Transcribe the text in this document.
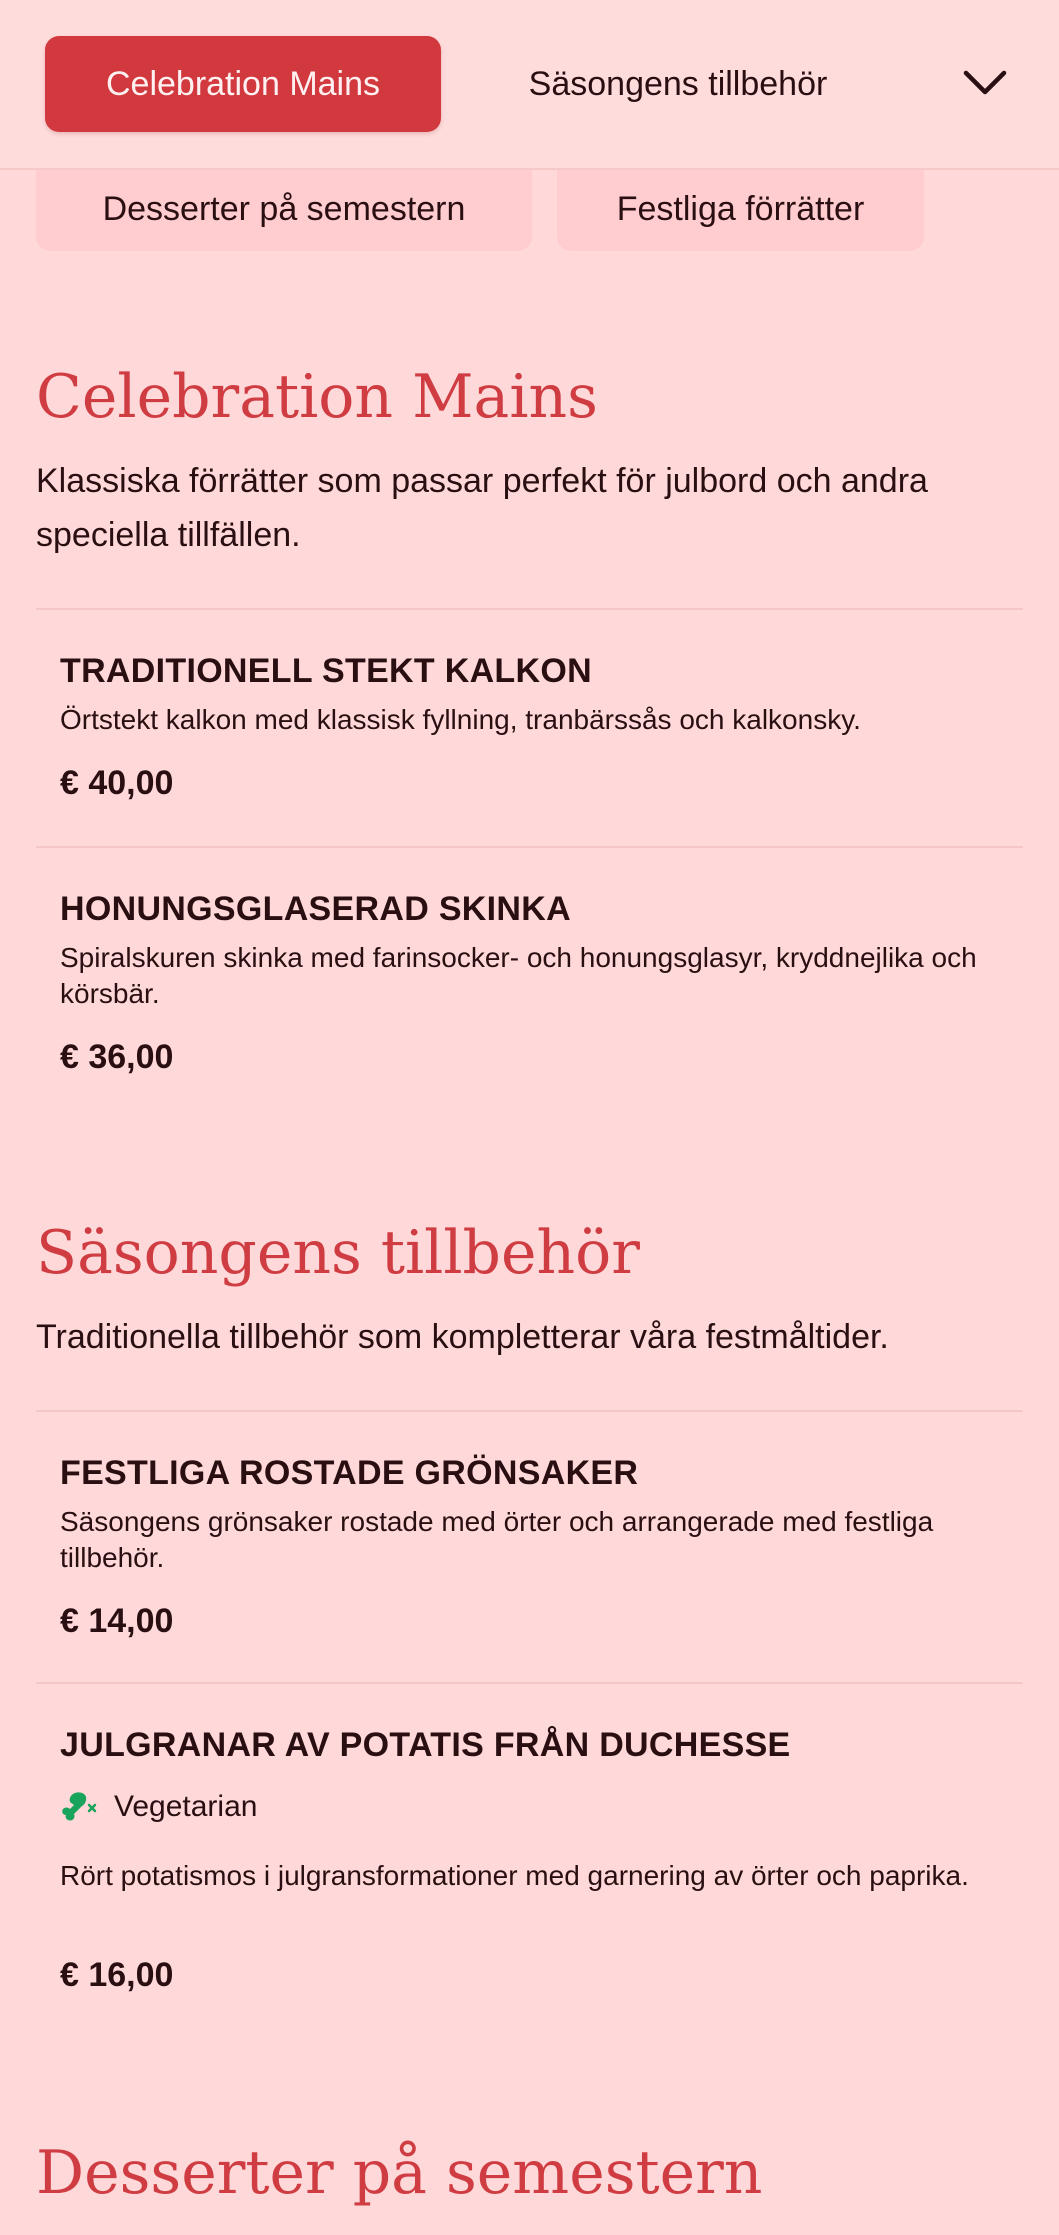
Celebration Mains	Säsongens tillbehör
Desserter på semestern	Festliga förrätter
Celebration Mains

Klassiska förrätter som passar perfekt för julbord och andra speciella tillfällen.

TRADITIONELL STEKT KALKON
Örtstekt kalkon med klassisk fyllning, tranbärssås och kalkonsky.
€ 40,00
HONUNGSGLASERAD SKINKA
Spiralskuren skinka med farinsocker- och honungsglasyr, kryddnejlika och körsbär.
€ 36,00
Säsongens tillbehör

Traditionella tillbehör som kompletterar våra festmåltider.

FESTLIGA ROSTADE GRÖNSAKER
Säsongens grönsaker rostade med örter och arrangerade med festliga tillbehör.
€ 14,00
JULGRANAR AV POTATIS FRÅN DUCHESSE
Vegetarian
Rört potatismos i julgransformationer med garnering av örter och paprika.
€ 16,00
Desserter på semestern
